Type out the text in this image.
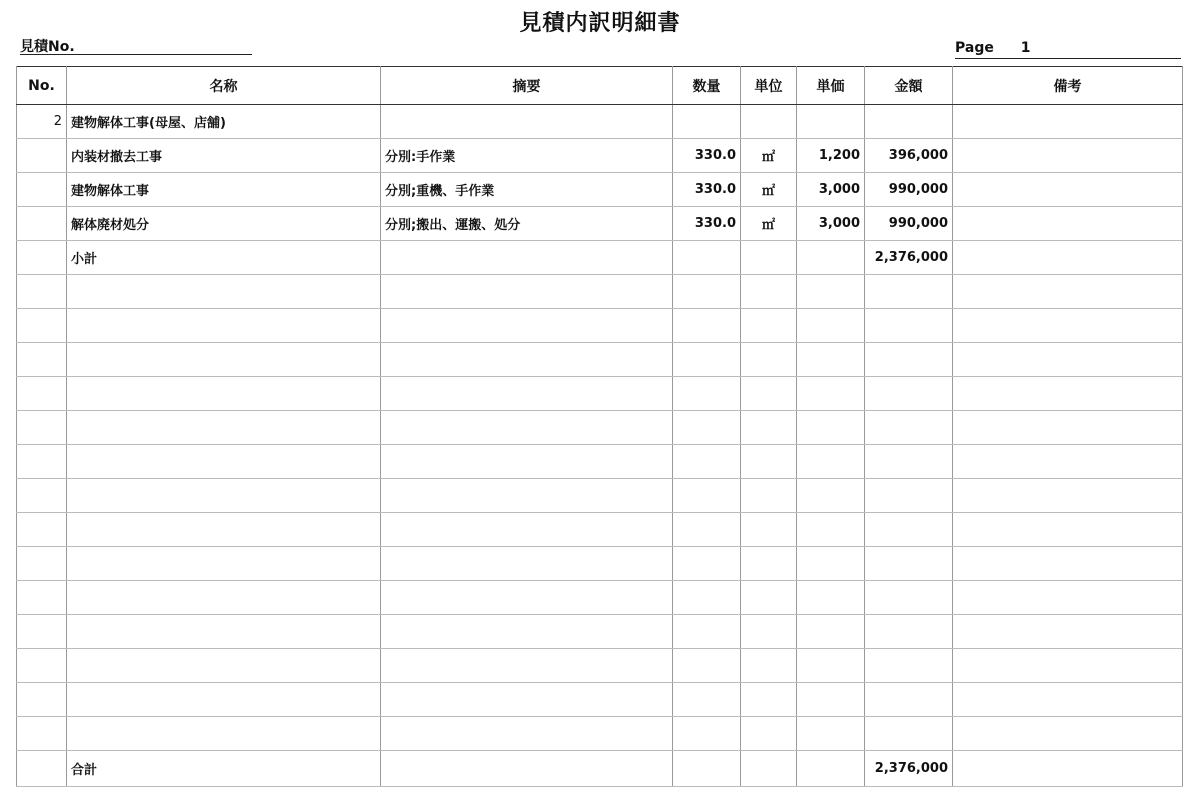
見積内訳明細書
見積No.	Page 1
No.	名称	摘要	数量	単位	単価	金額	備考
2	建物解体工事(母屋、店舗)						
	内装材撤去工事	分別:手作業	330.0	㎡	1,200	396,000	
	建物解体工事	分別;重機、手作業	330.0	㎡	3,000	990,000	
	解体廃材処分	分別;搬出、運搬、処分	330.0	㎡	3,000	990,000	
	小計					2,376,000	

	合計					2,376,000	
